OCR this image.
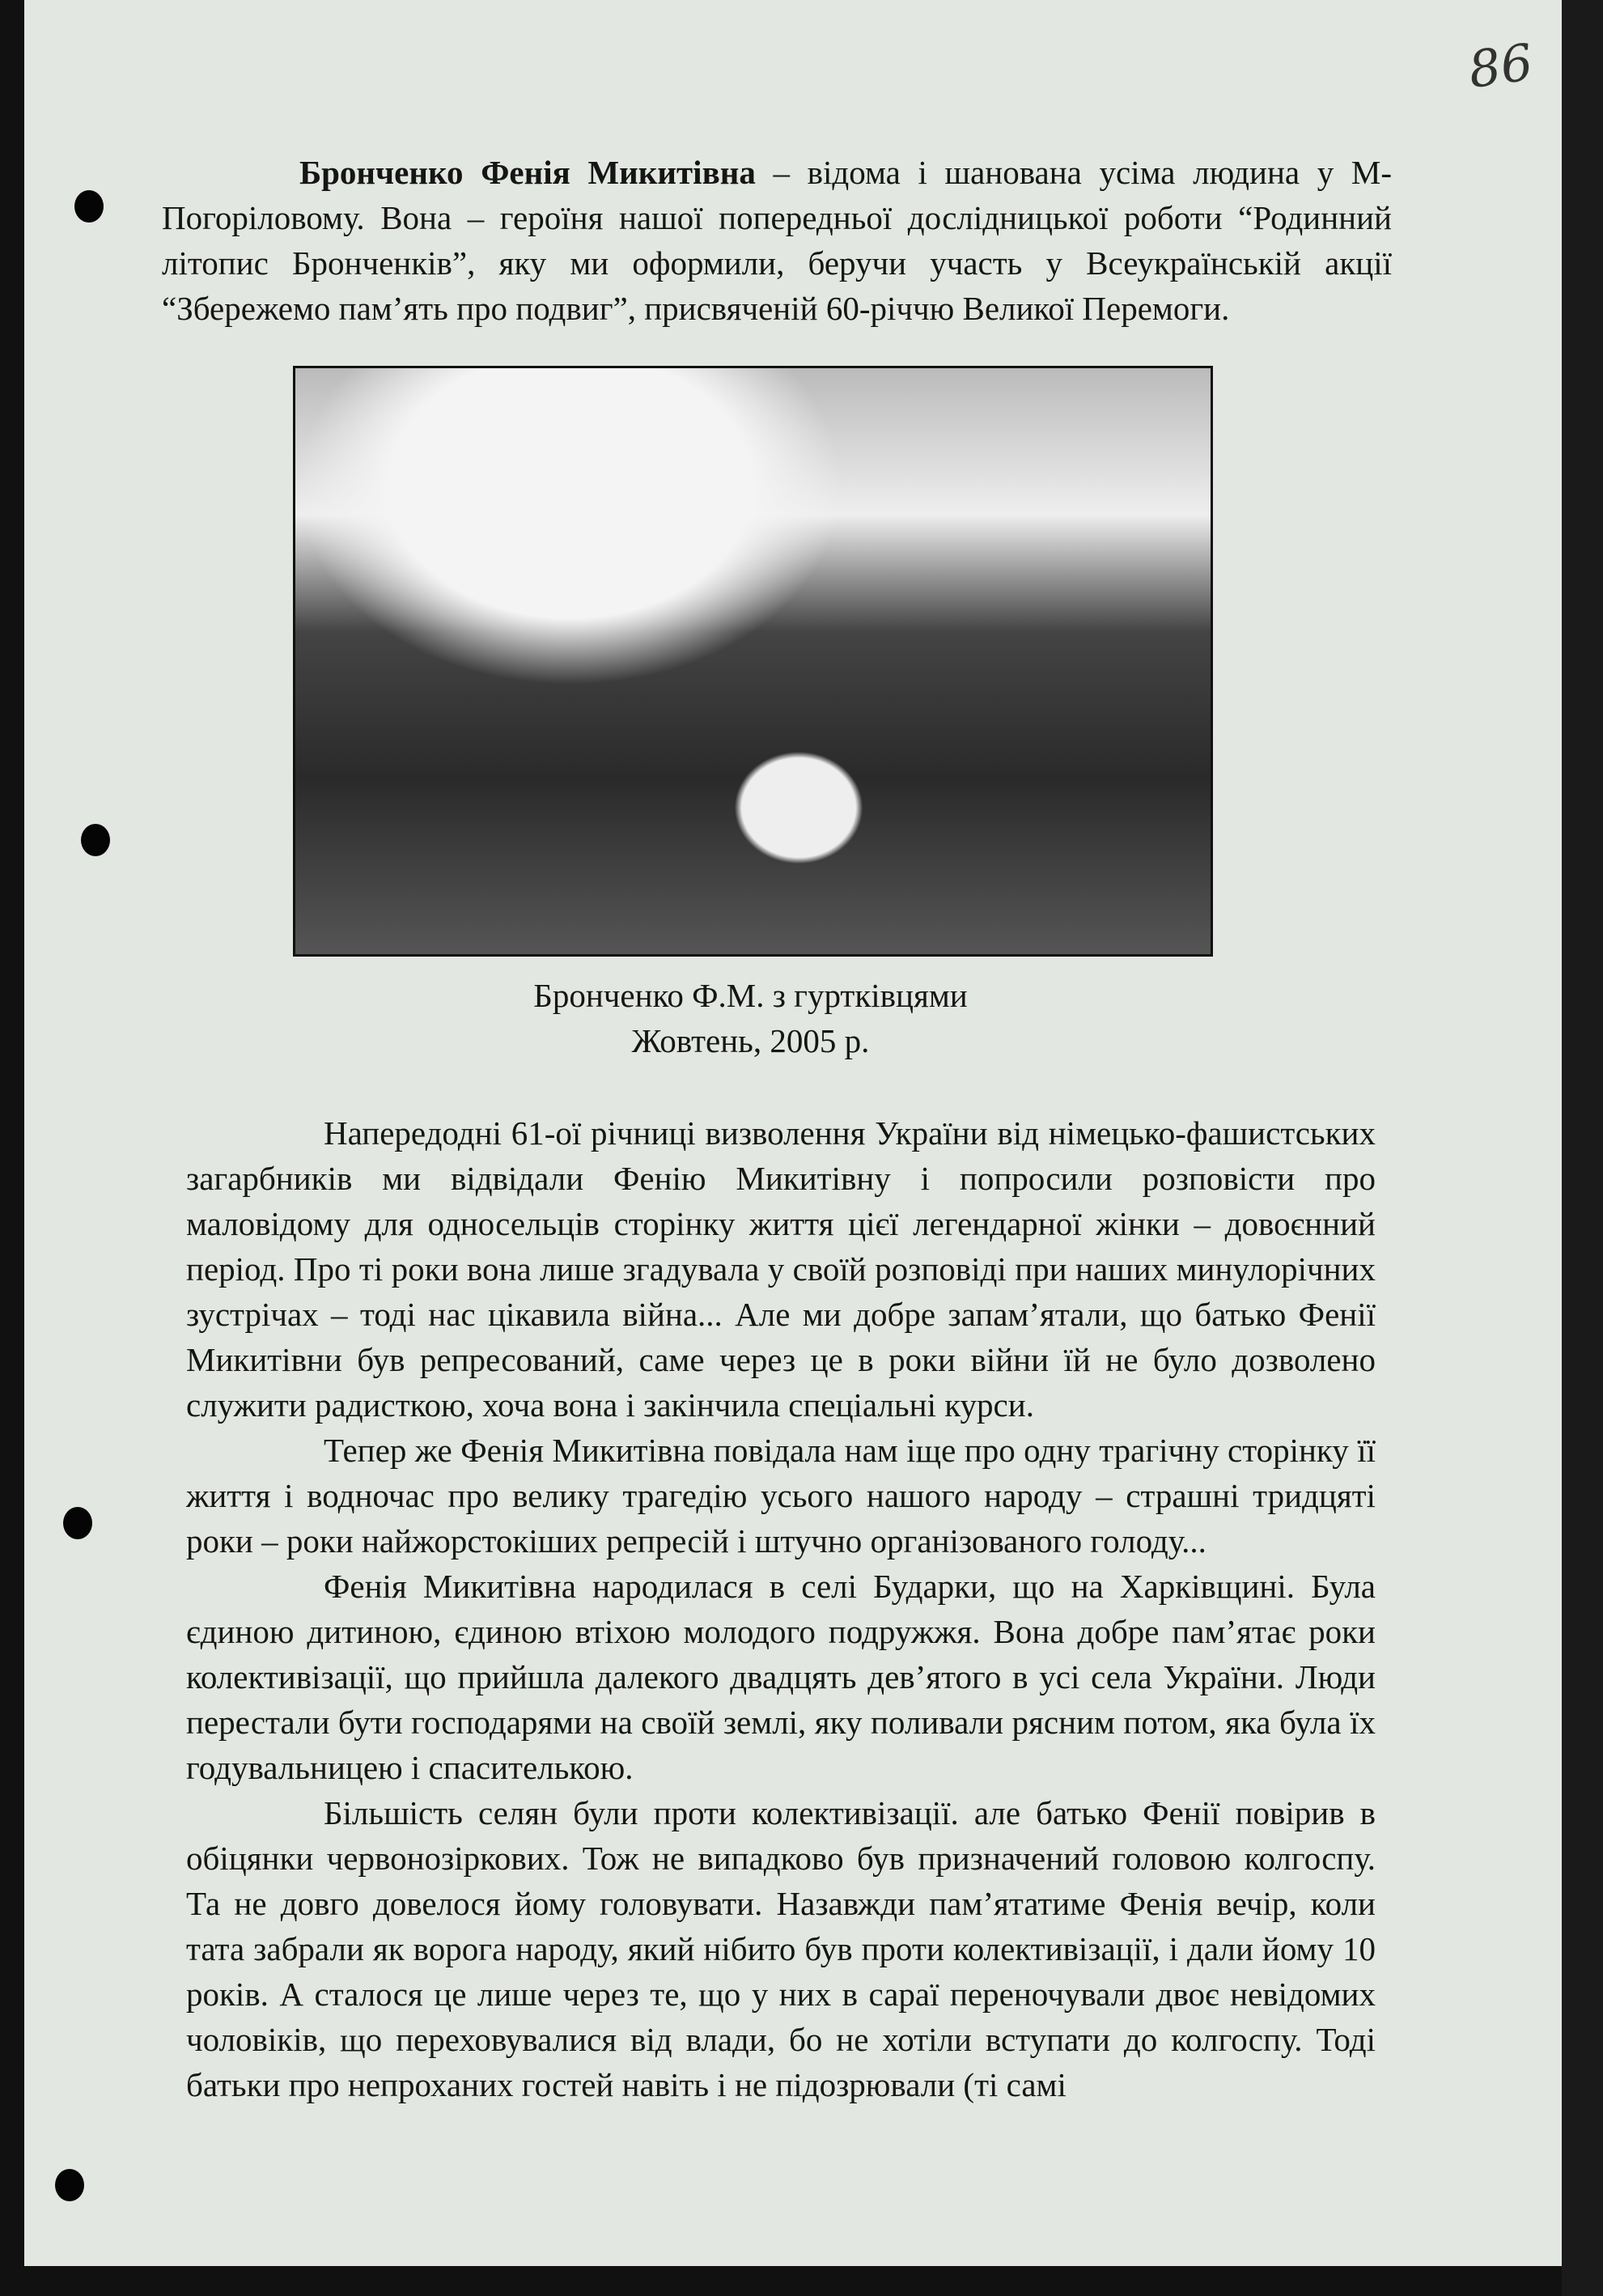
86
Бронченко Фенія Микитівна – відома і шанована усіма людина у М-Погоріловому. Вона – героїня нашої попередньої дослідницької роботи “Родинний літопис Бронченків”, яку ми оформили, беручи участь у Всеукраїнській акції “Збережемо пам’ять про подвиг”, присвяченій 60-річчю Великої Перемоги.
Бронченко Ф.М. з гуртківцями
Жовтень, 2005 р.

Напередодні 61-ої річниці визволення України від німецько-фашистських загарбників ми відвідали Фенію Микитівну і попросили розповісти про маловідому для односельців сторінку життя цієї легендарної жінки – довоєнний період. Про ті роки вона лише згадувала у своїй розповіді при наших минулорічних зустрічах – тоді нас цікавила війна... Але ми добре запам’ятали, що батько Фенії Микитівни був репресований, саме через це в роки війни їй не було дозволено служити радисткою, хоча вона і закінчила спеціальні курси.

Тепер же Фенія Микитівна повідала нам іще про одну трагічну сторінку її життя і водночас про велику трагедію усього нашого народу – страшні тридцяті роки – роки найжорстокіших репресій і штучно організованого голоду...

Фенія Микитівна народилася в селі Бударки, що на Харківщині. Була єдиною дитиною, єдиною втіхою молодого подружжя. Вона добре пам’ятає роки колективізації, що прийшла далекого двадцять дев’ятого в усі села України. Люди перестали бути господарями на своїй землі, яку поливали рясним потом, яка була їх годувальницею і спасителькою.

Більшість селян були проти колективізації. але батько Фенії повірив в обіцянки червонозіркових. Тож не випадково був призначений головою колгоспу. Та не довго довелося йому головувати. Назавжди пам’ятатиме Фенія вечір, коли тата забрали як ворога народу, який нібито був проти колективізації, і дали йому 10 років. А сталося це лише через те, що у них в сараї переночували двоє невідомих чоловіків, що переховувалися від влади, бо не хотіли вступати до колгоспу. Тоді батьки про непроханих гостей навіть і не підозрювали (ті самі
